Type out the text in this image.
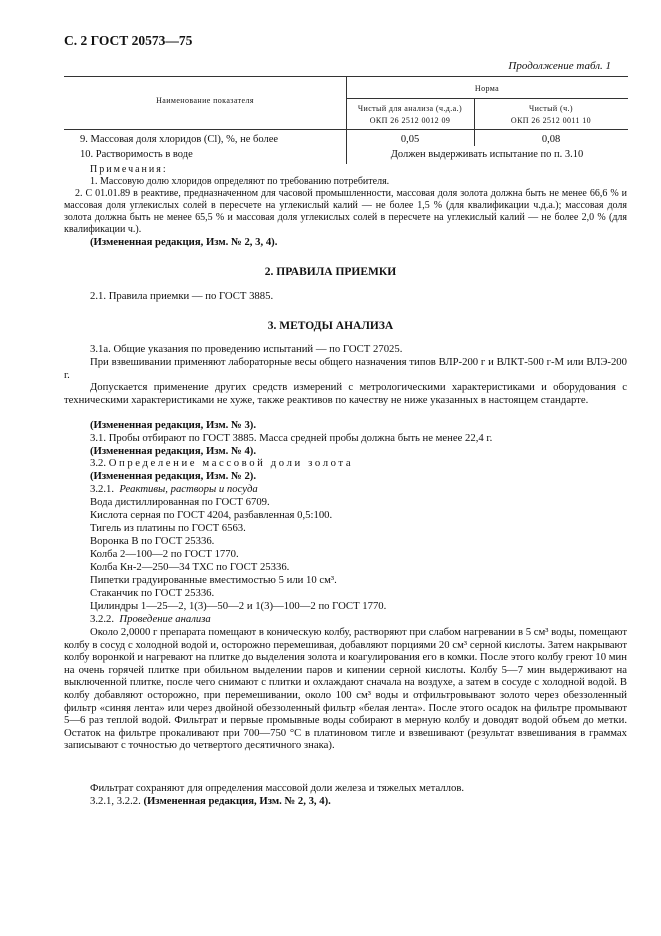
С. 2 ГОСТ 20573—75
Продолжение табл. 1
Наименование показателя
Норма
Чистый для анализа (ч.д.а.)
ОКП 26 2512 0012 09
Чистый (ч.)
ОКП 26 2512 0011 10
9. Массовая доля хлоридов (Cl), %, не более	0,05	0,08
10. Растворимость в воде	Должен выдерживать испытание по п. 3.10
Примечания:
1. Массовую долю хлоридов определяют по требованию потребителя.

2. С 01.01.89 в реактиве, предназначенном для часовой промышленности, массовая доля золота должна быть не менее 66,6 % и массовая доля углекислых солей в пересчете на углекислый калий — не более 1,5 % (для квалификации ч.д.а.); массовая доля золота должна быть не менее 65,5 % и массовая доля углекислых солей в пересчете на углекислый калий — не более 2,0 % (для квалификации ч.).

(Измененная редакция, Изм. № 2, 3, 4).
2. ПРАВИЛА ПРИЕМКИ
2.1. Правила приемки — по ГОСТ 3885.
3. МЕТОДЫ АНАЛИЗА
3.1а. Общие указания по проведению испытаний — по ГОСТ 27025.

При взвешивании применяют лабораторные весы общего назначения типов ВЛР-200 г и ВЛКТ-500 г-М или ВЛЭ-200 г.

Допускается применение других средств измерений с метрологическими характеристиками и оборудования с техническими характеристиками не хуже, также реактивов по качеству не ниже указанных в настоящем стандарте.

(Измененная редакция, Изм. № 3).
3.1. Пробы отбирают по ГОСТ 3885. Масса средней пробы должна быть не менее 22,4 г.
(Измененная редакция, Изм. № 4).
3.2. Определение массовой доли золота
(Измененная редакция, Изм. № 2).
3.2.1. Реактивы, растворы и посуда
Вода дистиллированная по ГОСТ 6709.
Кислота серная по ГОСТ 4204, разбавленная 0,5:100.
Тигель из платины по ГОСТ 6563.
Воронка В по ГОСТ 25336.
Колба 2—100—2 по ГОСТ 1770.
Колба Кн-2—250—34 ТХС по ГОСТ 25336.
Пипетки градуированные вместимостью 5 или 10 см³.
Стаканчик по ГОСТ 25336.
Цилиндры 1—25—2, 1(3)—50—2 и 1(3)—100—2 по ГОСТ 1770.
3.2.2. Проведение анализа

Около 2,0000 г препарата помещают в коническую колбу, растворяют при слабом нагревании в 5 см³ воды, помещают колбу в сосуд с холодной водой и, осторожно перемешивая, добавляют порциями 20 см³ серной кислоты. Затем накрывают колбу воронкой и нагревают на плитке до выделения золота и коагулирования его в комки. После этого колбу греют 10 мин на очень горячей плитке при обильном выделении паров и кипении серной кислоты. Колбу 5—7 мин выдерживают на выключенной плитке, после чего снимают с плитки и охлаждают сначала на воздухе, а затем в сосуде с холодной водой. В колбу добавляют осторожно, при перемешивании, около 100 см³ воды и отфильтровывают золото через обеззоленный фильтр «синяя лента» или через двойной обеззоленный фильтр «белая лента». После этого осадок на фильтре промывают 5—6 раз теплой водой. Фильтрат и первые промывные воды собирают в мерную колбу и доводят водой объем до метки. Остаток на фильтре прокаливают при 700—750 °С в платиновом тигле и взвешивают (результат взвешивания в граммах записывают с точностью до четвертого десятичного знака).

Фильтрат сохраняют для определения массовой доли железа и тяжелых металлов.
3.2.1, 3.2.2. (Измененная редакция, Изм. № 2, 3, 4).
